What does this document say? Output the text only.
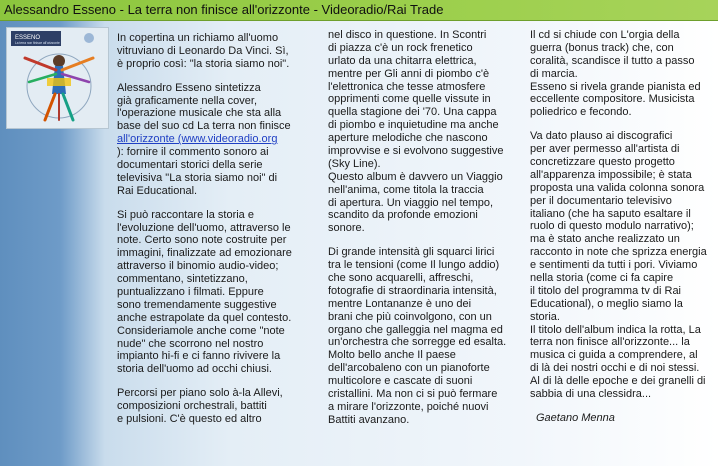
Alessandro Esseno - La terra non finisce all'orizzonte - Videoradio/Rai Trade
ESSENO
La terra non finisce all'orizzonte	In copertina un richiamo all'uomo
vitruviano di Leonardo Da Vinci. Sì,
è proprio così: "la storia siamo noi".
Alessandro Esseno sintetizza
già graficamente nella cover,
l'operazione musicale che sta alla
base del suo cd La terra non finisce
all'orizzonte (www.videoradio.org
): fornire il commento sonoro ai
documentari storici della serie
televisiva "La storia siamo noi" di
Rai Educational.
Si può raccontare la storia e
l'evoluzione dell'uomo, attraverso le
note. Certo sono note costruite per
immagini, finalizzate ad emozionare
attraverso il binomio audio-video;
commentano, sintetizzano,
puntualizzano i filmati. Eppure
sono tremendamente suggestive
anche estrapolate da quel contesto.
Consideriamole anche come "note
nude" che scorrono nel nostro
impianto hi-fi e ci fanno rivivere la
storia dell'uomo ad occhi chiusi.
Percorsi per piano solo à-la Allevi,
composizioni orchestrali, battiti
e pulsioni. C'è questo ed altro
nel disco in questione. In Scontri
di piazza c'è un rock frenetico
urlato da una chitarra elettrica,
mentre per Gli anni di piombo c'è
l'elettronica che tesse atmosfere
opprimenti come quelle vissute in
quella stagione dei '70. Una cappa
di piombo e inquietudine ma anche
aperture melodiche che nascono
improvvise e si evolvono suggestive
(Sky Line).
Questo album è davvero un Viaggio
nell'anima, come titola la traccia
di apertura. Un viaggio nel tempo,
scandito da profonde emozioni
sonore.
Di grande intensità gli squarci lirici
tra le tensioni (come Il lungo addio)
che sono acquarelli, affreschi,
fotografie di straordinaria intensità,
mentre Lontananze è uno dei
brani che più coinvolgono, con un
organo che galleggia nel magma ed
un'orchestra che sorregge ed esalta.
Molto bello anche Il paese
dell'arcobaleno con un pianoforte
multicolore e cascate di suoni
cristallini. Ma non ci si può fermare
a mirare l'orizzonte, poiché nuovi
Battiti avanzano.
Il cd si chiude con L'orgia della
guerra (bonus track) che, con
coralità, scandisce il tutto a passo
di marcia.
Esseno si rivela grande pianista ed
eccellente compositore. Musicista
poliedrico e fecondo.
Va dato plauso ai discografici
per aver permesso all'artista di
concretizzare questo progetto
all'apparenza impossibile; è stata
proposta una valida colonna sonora
per il documentario televisivo
italiano (che ha saputo esaltare il
ruolo di questo modulo narrativo);
ma è stato anche realizzato un
racconto in note che sprizza energia
e sentimenti da tutti i pori. Viviamo
nella storia (come ci fa capire
il titolo del programma tv di Rai
Educational), o meglio siamo la
storia.
Il titolo dell'album indica la rotta, La
terra non finisce all'orizzonte... la
musica ci guida a comprendere, al
di là dei nostri occhi e di noi stessi.
Al di là delle epoche e dei granelli di
sabbia di una clessidra...
Gaetano Menna
